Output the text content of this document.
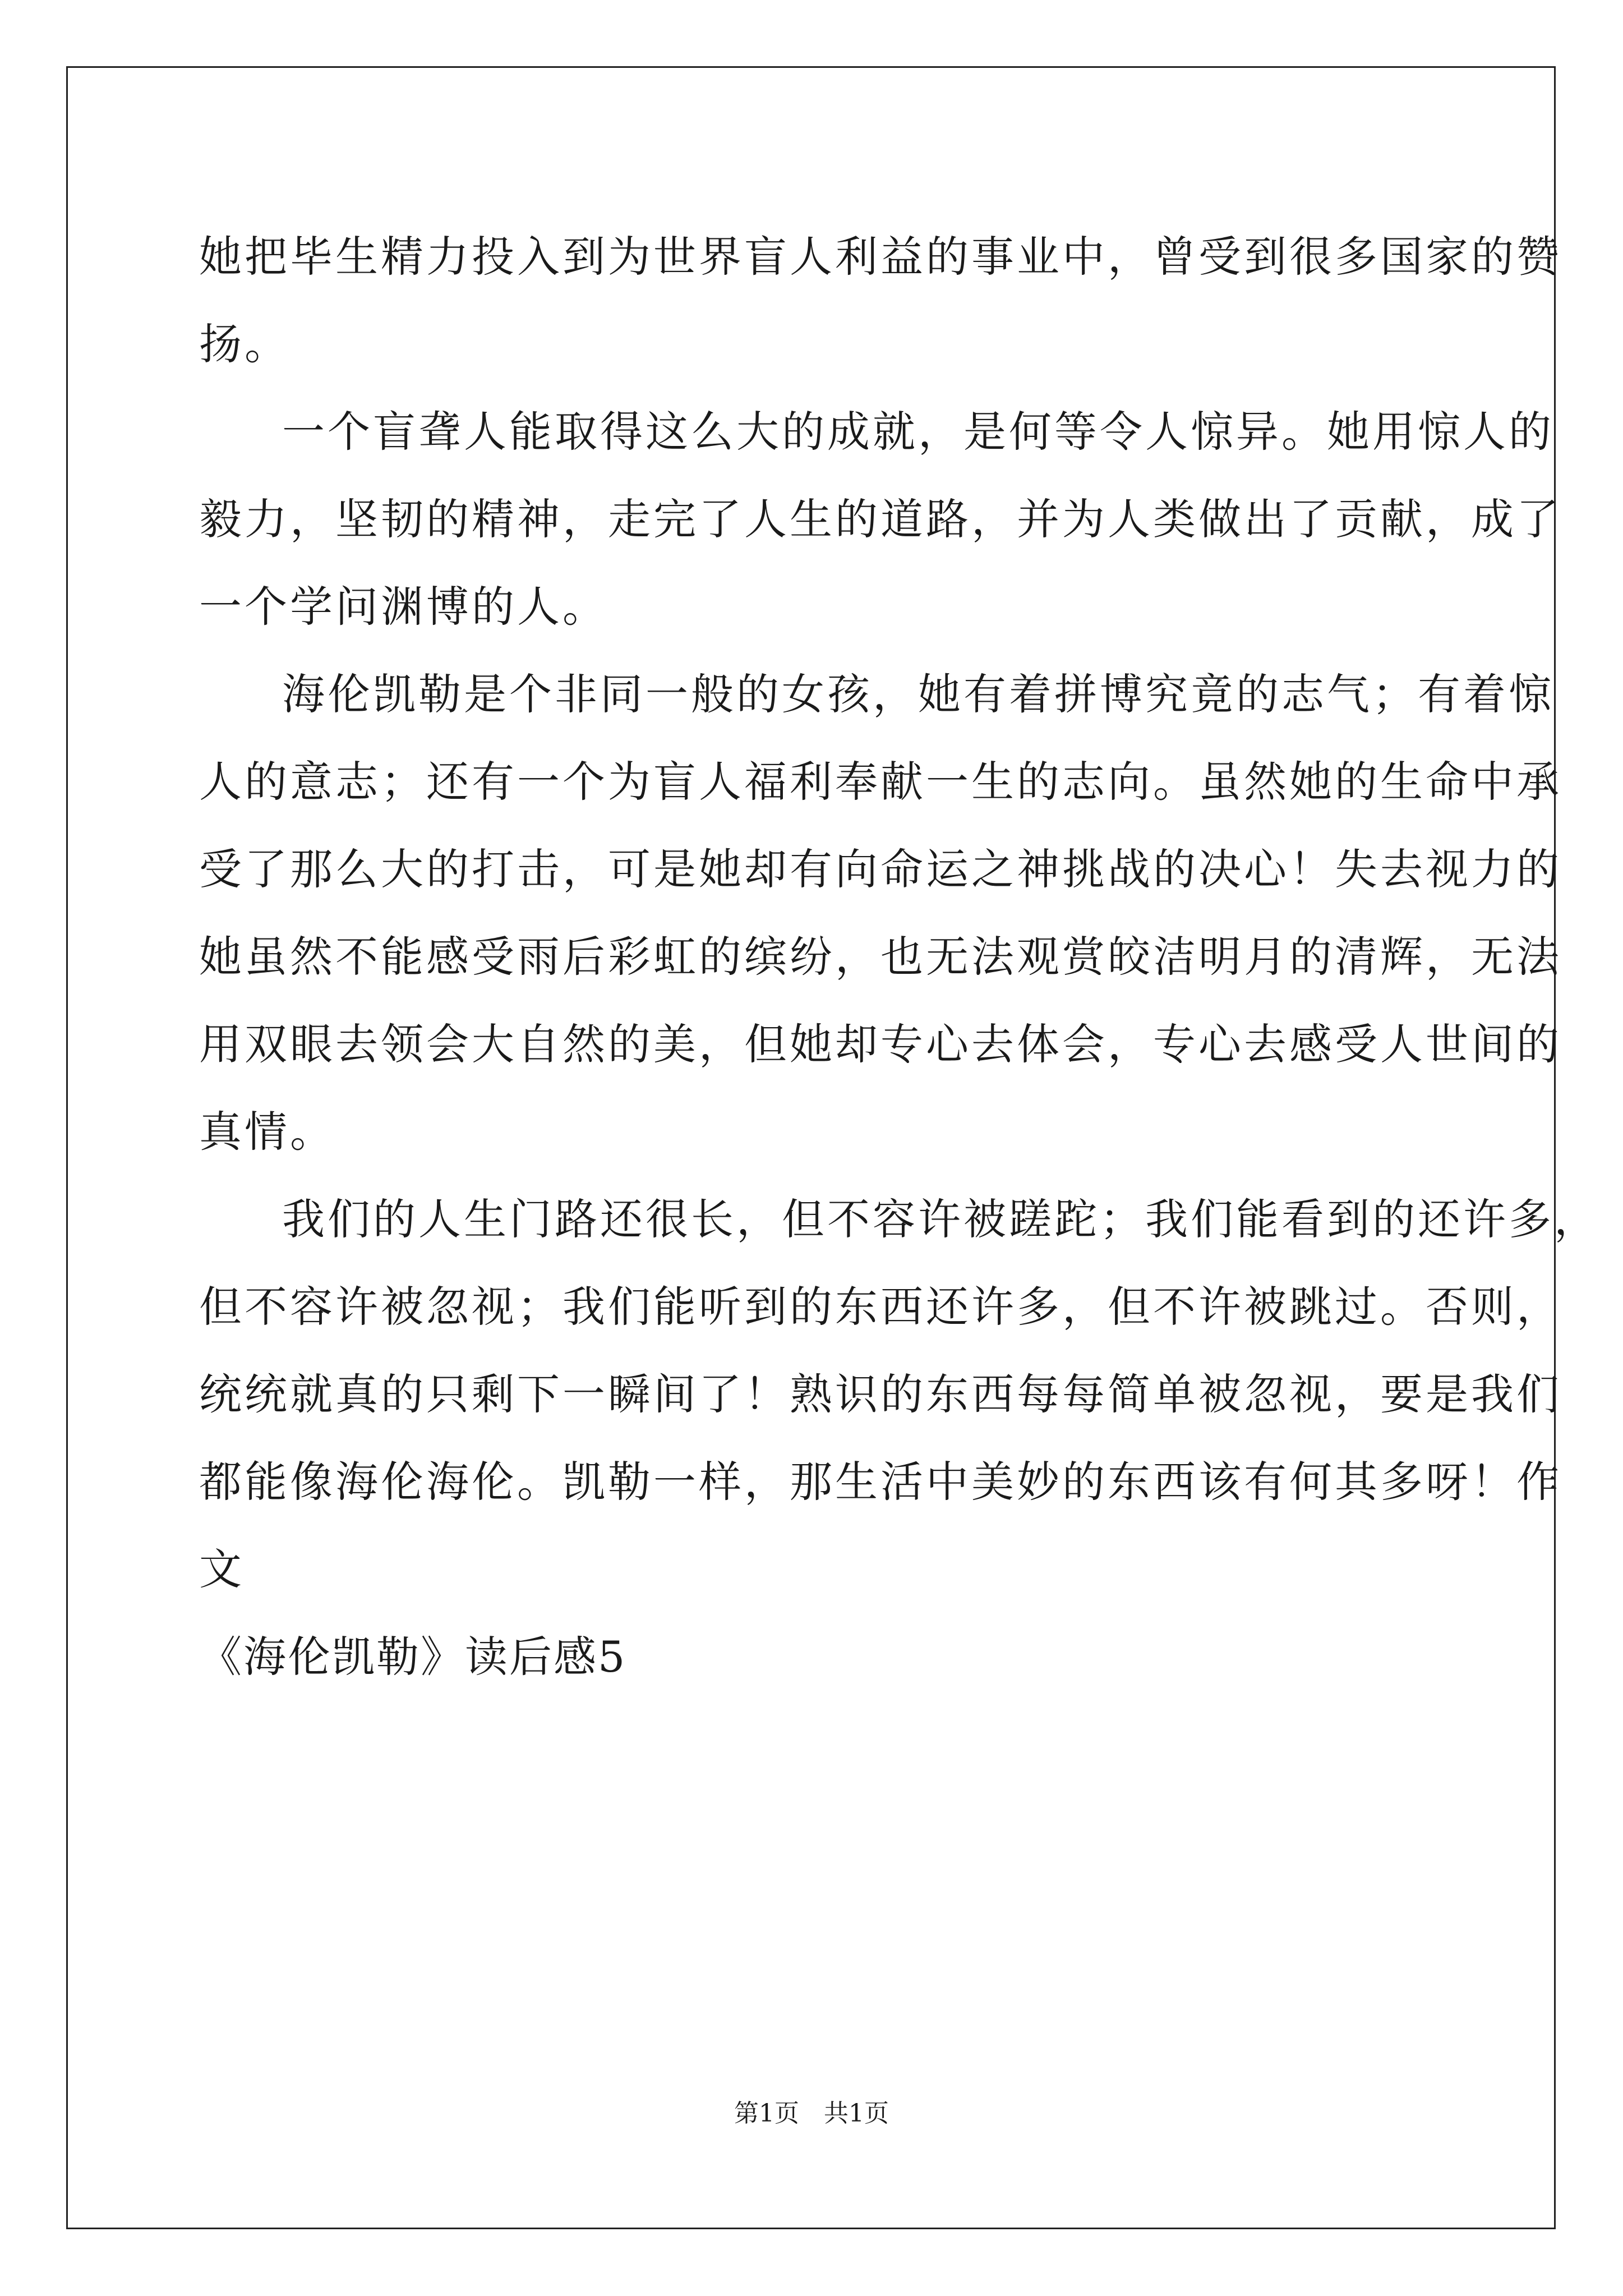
她把毕生精力投入到为世界盲人利益的事业中，曾受到很多国家的赞
扬。
一个盲聋人能取得这么大的成就，是何等令人惊异。她用惊人的
毅力，坚韧的精神，走完了人生的道路，并为人类做出了贡献，成了
一个学问渊博的人。
海伦凯勒是个非同一般的女孩，她有着拼博究竟的志气；有着惊
人的意志；还有一个为盲人福利奉献一生的志向。虽然她的生命中承
受了那么大的打击，可是她却有向命运之神挑战的决心！失去视力的
她虽然不能感受雨后彩虹的缤纷，也无法观赏皎洁明月的清辉，无法
用双眼去领会大自然的美，但她却专心去体会，专心去感受人世间的
真情。
我们的人生门路还很长，但不容许被蹉跎；我们能看到的还许多，
但不容许被忽视；我们能听到的东西还许多，但不许被跳过。否则，
统统就真的只剩下一瞬间了！熟识的东西每每简单被忽视，要是我们
都能像海伦海伦。凯勒一样，那生活中美妙的东西该有何其多呀！作
文
《海伦凯勒》读后感5
第1页　共1页
